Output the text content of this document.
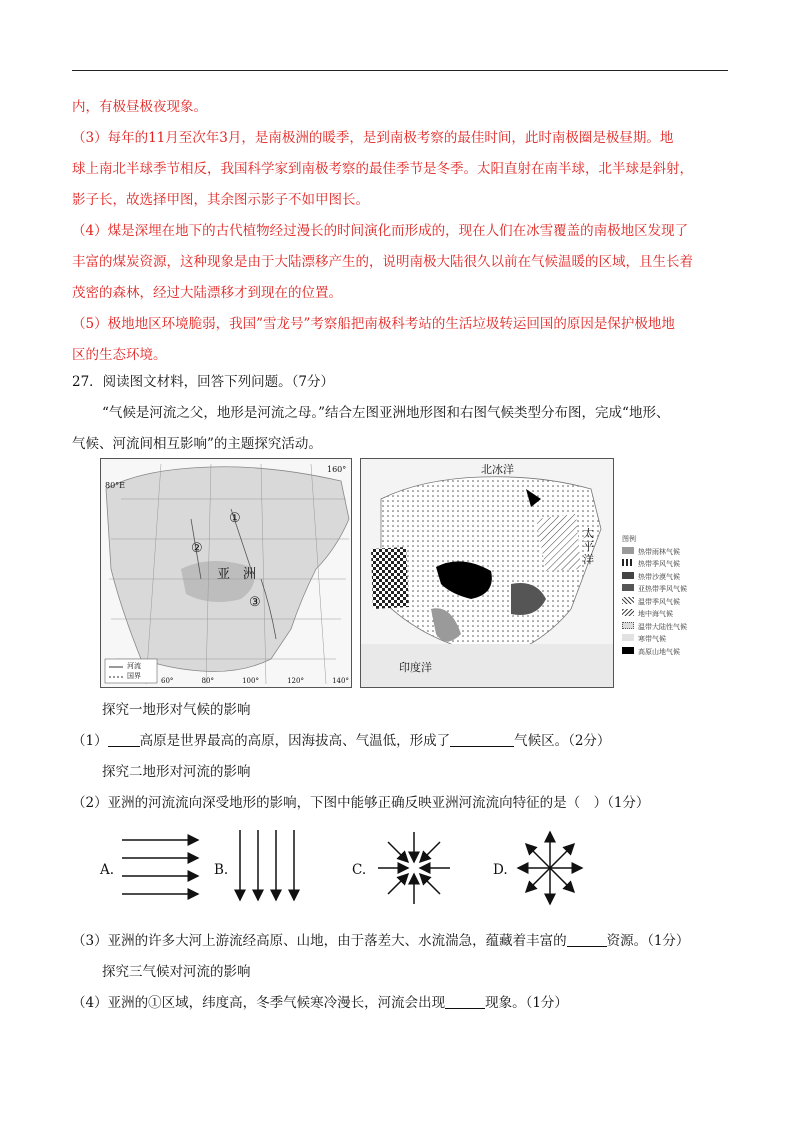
内，有极昼极夜现象。
（3）每年的11月至次年3月，是南极洲的暖季，是到南极考察的最佳时间，此时南极圈是极昼期。地
球上南北半球季节相反，我国科学家到南极考察的最佳季节是冬季。太阳直射在南半球，北半球是斜射，
影子长，故选择甲图，其余图示影子不如甲图长。
（4）煤是深埋在地下的古代植物经过漫长的时间演化而形成的，现在人们在冰雪覆盖的南极地区发现了
丰富的煤炭资源，这种现象是由于大陆漂移产生的，说明南极大陆很久以前在气候温暖的区域，且生长着
茂密的森林，经过大陆漂移才到现在的位置。
（5）极地地区环境脆弱，我国”雪龙号”考察船把南极科考站的生活垃圾转运回国的原因是保护极地地
区的生态环境。
27．阅读图文材料，回答下列问题。（7分）
“气候是河流之父，地形是河流之母。”结合左图亚洲地形图和右图气候类型分布图，完成“地形、
气候、河流间相互影响”的主题探究活动。
①
②
③
亚　洲
河流
国界
80°E
160°
60°	80°	100°	120°	140°
北冰洋
太平洋
印度洋
图例
热带雨林气候
热带季风气候
热带沙漠气候
亚热带季风气候
温带季风气候
地中海气候
温带大陆性气候
寒带气候
高原山地气候
探究一地形对气候的影响
（1） 高原是世界最高的高原，因海拔高、气温低，形成了	气候区。（2分）
探究二地形对河流的影响
（2）亚洲的河流流向深受地形的影响，下图中能够正确反映亚洲河流流向特征的是（　）（1分）
A.	B.	C.	D.
（3）亚洲的许多大河上游流经高原、山地，由于落差大、水流湍急，蕴藏着丰富的	资源。（1分）
探究三气候对河流的影响
（4）亚洲的①区域，纬度高，冬季气候寒冷漫长，河流会出现	现象。（1分）
